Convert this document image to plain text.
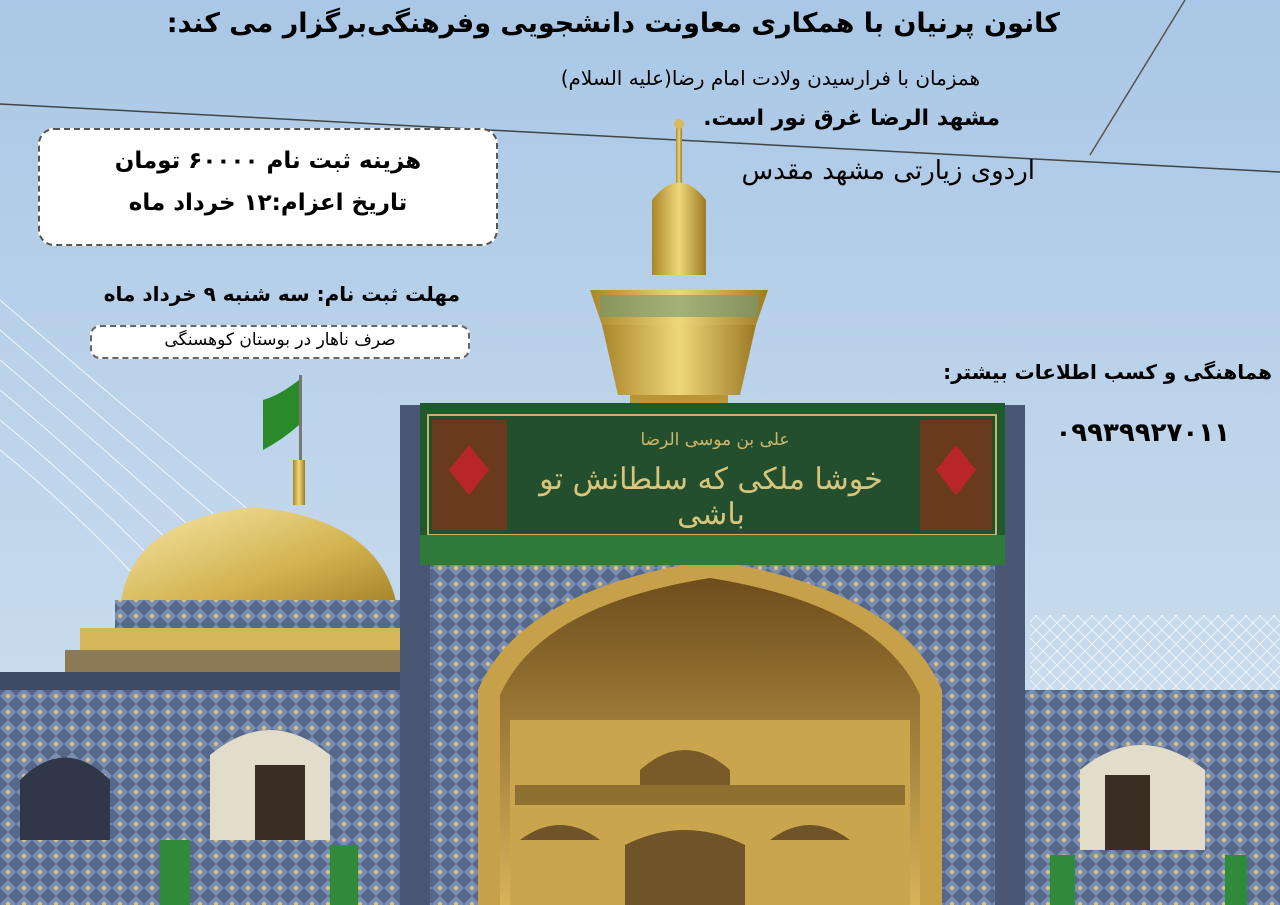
کانون پرنیان با همکاری معاونت دانشجویی وفرهنگی‌برگزار می کند:
همزمان با فرارسیدن ولادت امام رضا(علیه السلام)
مشهد الرضا غرق نور است.
اردوی زیارتی مشهد مقدس
هزینه ثبت نام ۶۰۰۰۰ تومان
تاریخ اعزام:۱۲ خرداد ماه
مهلت ثبت نام: سه شنبه ۹ خرداد ماه
صرف ناهار در بوستان کوهسنگی
هماهنگی و کسب اطلاعات بیشتر:
۰۹۹۳۹۹۲۷۰۱۱
علی بن موسی الرضا
خوشا ملکی که سلطانش تو باشی
